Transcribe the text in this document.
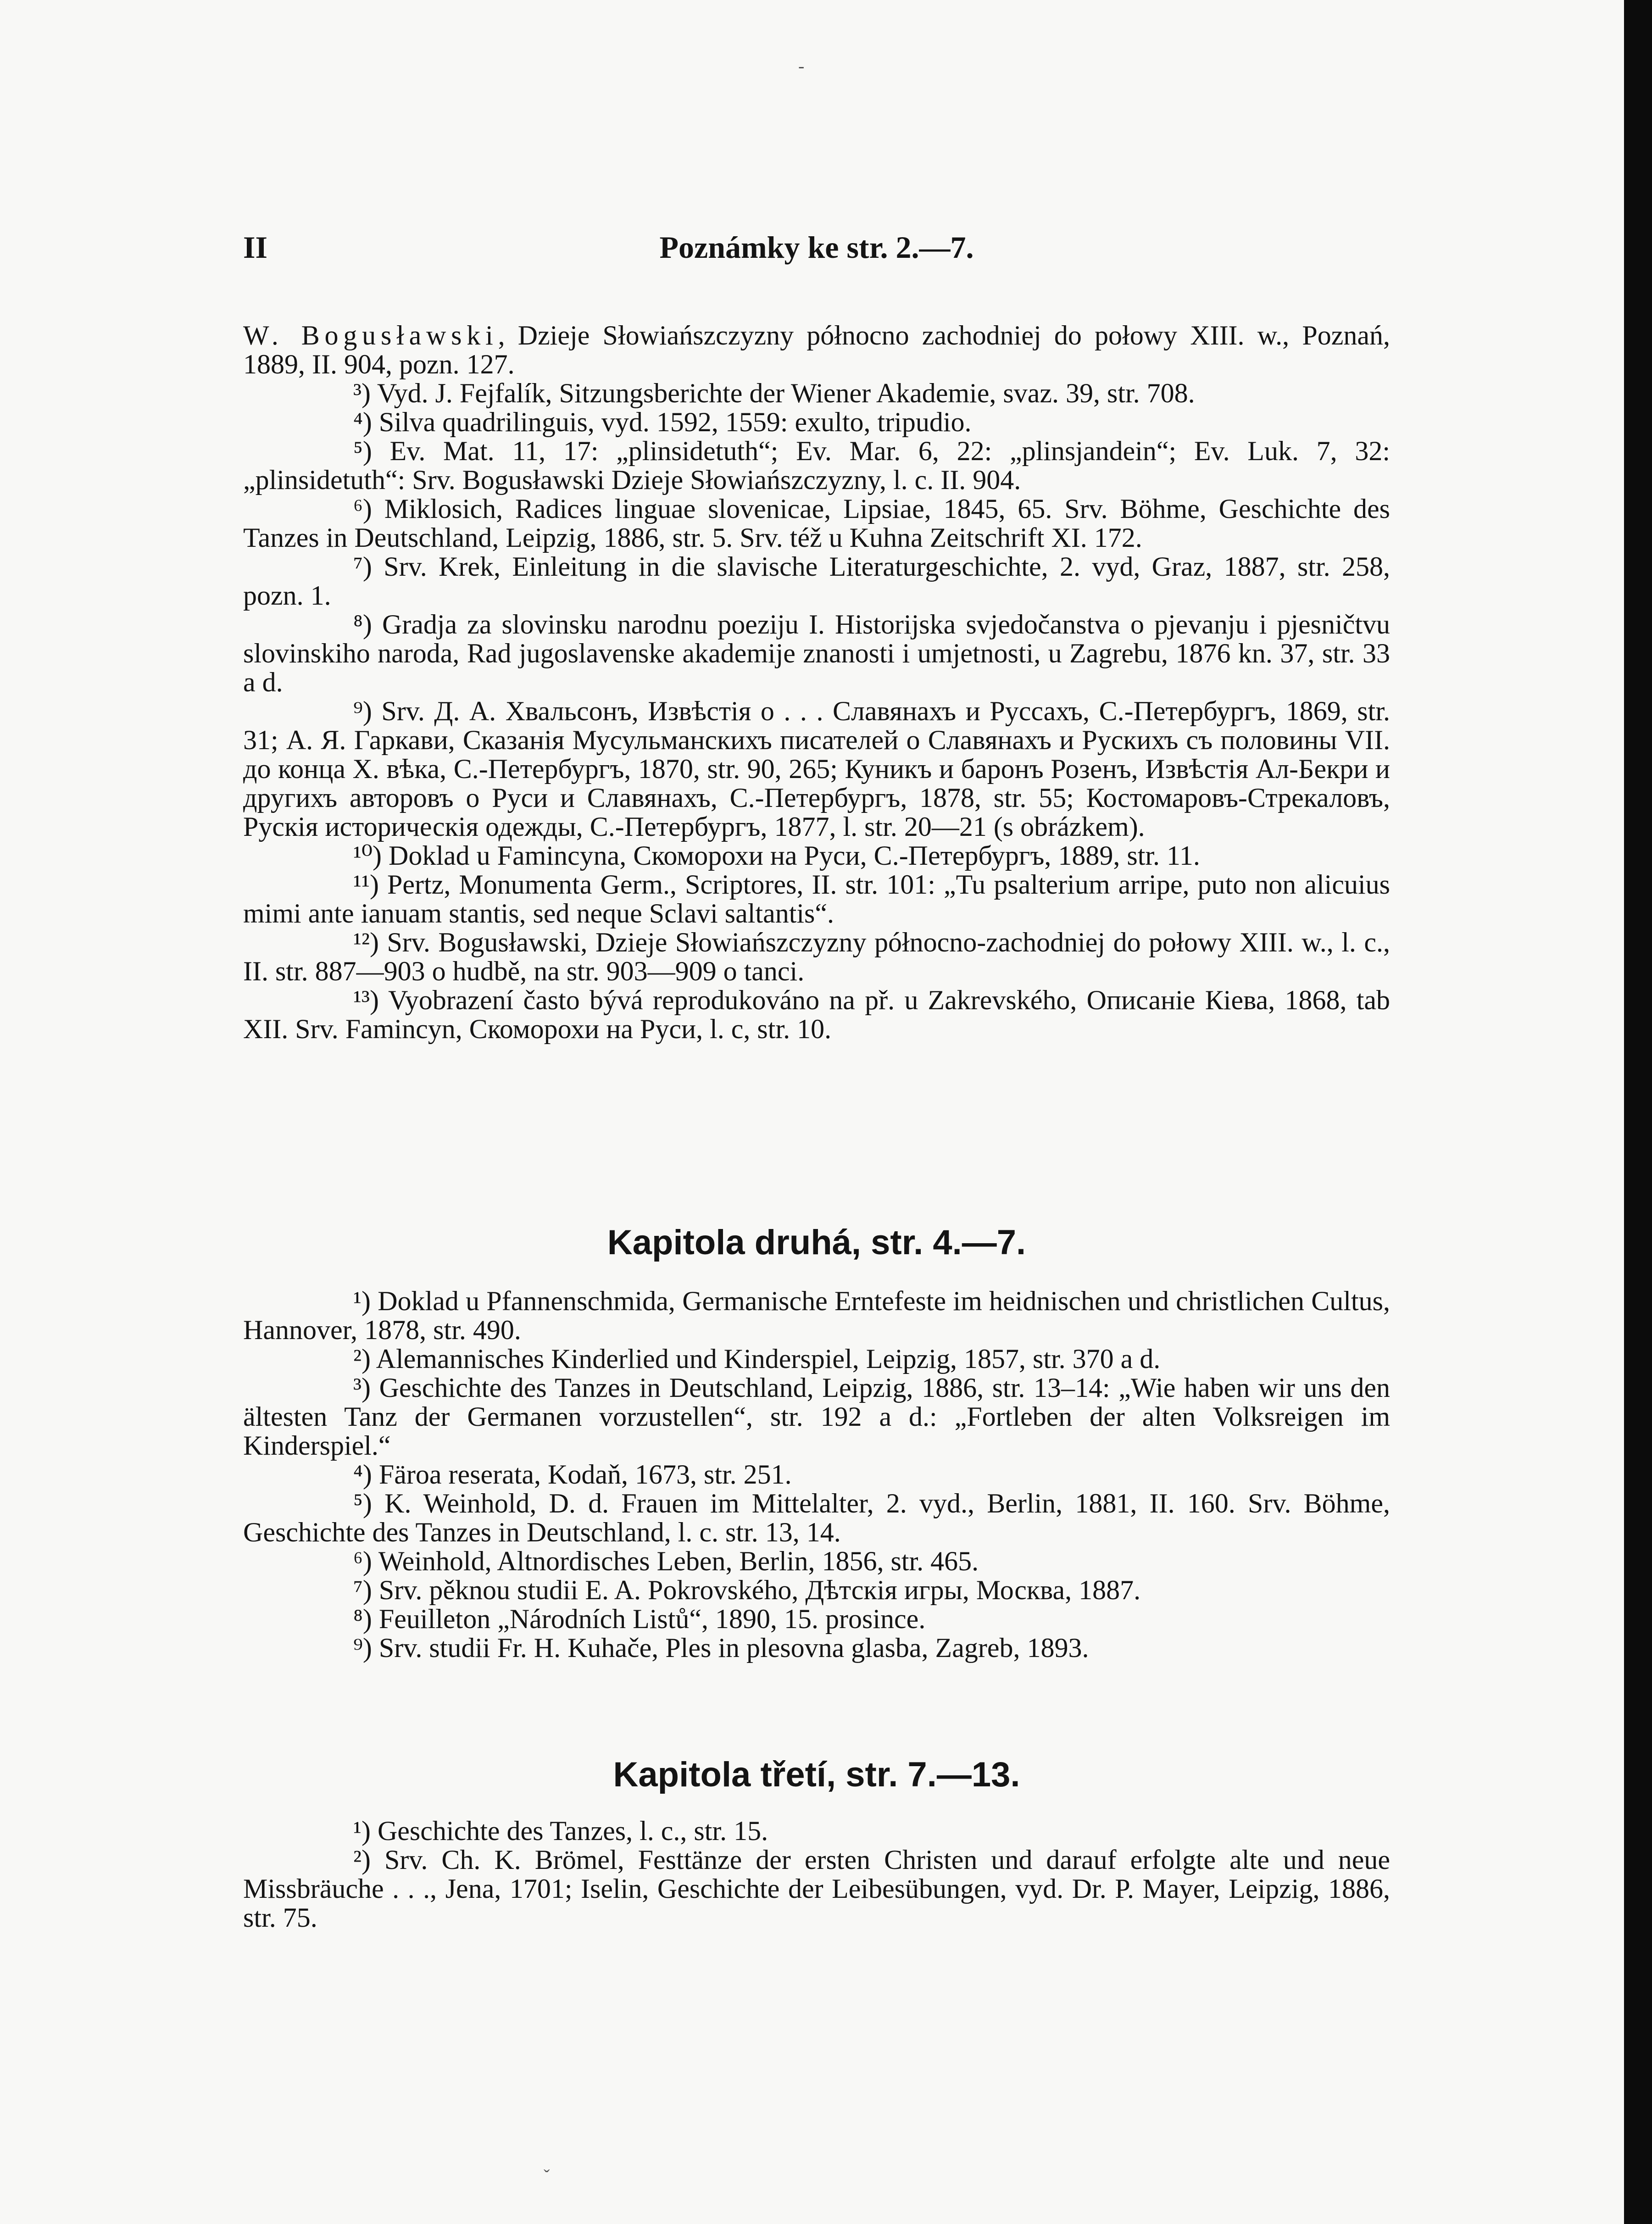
-
ˇ
II	Poznámky ke str. 2.—7.

W. Bogusławski, Dzieje Słowiańszczyzny północno zachodniej do połowy XIII. w., Poznań, 1889, II. 904, pozn. 127.

³) Vyd. J. Fejfalík, Sitzungsberichte der Wiener Akademie, svaz. 39, str. 708.

⁴) Silva quadrilinguis, vyd. 1592, 1559: exulto, tripudio.

⁵) Ev. Mat. 11, 17: „plinsidetuth“; Ev. Mar. 6, 22: „plinsjandein“; Ev. Luk. 7, 32: „plinsidetuth“: Srv. Bogusławski Dzieje Słowiańszczyzny, l. c. II. 904.

⁶) Miklosich, Radices linguae slovenicae, Lipsiae, 1845, 65. Srv. Böhme, Geschichte des Tanzes in Deutschland, Leipzig, 1886, str. 5. Srv. též u Kuhna Zeitschrift XI. 172.

⁷) Srv. Krek, Einleitung in die slavische Literaturgeschichte, 2. vyd, Graz, 1887, str. 258, pozn. 1.

⁸) Gradja za slovinsku narodnu poeziju I. Historijska svjedočanstva o pjevanju i pjesničtvu slovinskiho naroda, Rad jugoslavenske akademije znanosti i umjetnosti, u Zagrebu, 1876 kn. 37, str. 33 a d.

⁹) Srv. Д. А. Хвальсонъ, Извѣстія о . . . Славянахъ и Руссахъ, С.-Петербургъ, 1869, str. 31; А. Я. Гаркави, Сказанія Мусульманскихъ писателей о Славянахъ и Рускихъ съ половины VII. до конца X. вѣка, С.-Петербургъ, 1870, str. 90, 265; Куникъ и баронъ Розенъ, Извѣстія Ал-Бекри и другихъ авторовъ о Руси и Славянахъ, С.-Петербургъ, 1878, str. 55; Костомаровъ-Стрекаловъ, Рускія историческія одежды, С.-Петербургъ, 1877, l. str. 20—21 (s obrázkem).

¹⁰) Doklad u Famincyna, Скоморохи на Руси, С.-Петербургъ, 1889, str. 11.

¹¹) Pertz, Monumenta Germ., Scriptores, II. str. 101: „Tu psalterium arripe, puto non alicuius mimi ante ianuam stantis, sed neque Sclavi saltantis“.

¹²) Srv. Bogusławski, Dzieje Słowiańszczyzny północno-zachodniej do połowy XIII. w., l. c., II. str. 887—903 o hudbě, na str. 903—909 o tanci.

¹³) Vyobrazení často bývá reprodukováno na př. u Zakrevského, Описаніе Кіева, 1868, tab XII. Srv. Famincyn, Скоморохи на Руси, l. c, str. 10.

Kapitola druhá, str. 4.—7.

¹) Doklad u Pfannenschmida, Germanische Erntefeste im heidnischen und christlichen Cultus, Hannover, 1878, str. 490.

²) Alemannisches Kinderlied und Kinderspiel, Leipzig, 1857, str. 370 a d.

³) Geschichte des Tanzes in Deutschland, Leipzig, 1886, str. 13–14: „Wie haben wir uns den ältesten Tanz der Germanen vorzustellen“, str. 192 a d.: „Fortleben der alten Volksreigen im Kinderspiel.“

⁴) Färoa reserata, Kodaň, 1673, str. 251.

⁵) K. Weinhold, D. d. Frauen im Mittelalter, 2. vyd., Berlin, 1881, II. 160. Srv. Böhme, Geschichte des Tanzes in Deutschland, l. c. str. 13, 14.

⁶) Weinhold, Altnordisches Leben, Berlin, 1856, str. 465.

⁷) Srv. pěknou studii E. A. Pokrovského, Дѣтскія игры, Москва, 1887.

⁸) Feuilleton „Národních Listů“, 1890, 15. prosince.

⁹) Srv. studii Fr. H. Kuhače, Ples in plesovna glasba, Zagreb, 1893.

Kapitola třetí, str. 7.—13.

¹) Geschichte des Tanzes, l. c., str. 15.

²) Srv. Ch. K. Brömel, Festtänze der ersten Christen und darauf erfolgte alte und neue Missbräuche . . ., Jena, 1701; Iselin, Geschichte der Leibesübungen, vyd. Dr. P. Mayer, Leipzig, 1886, str. 75.
